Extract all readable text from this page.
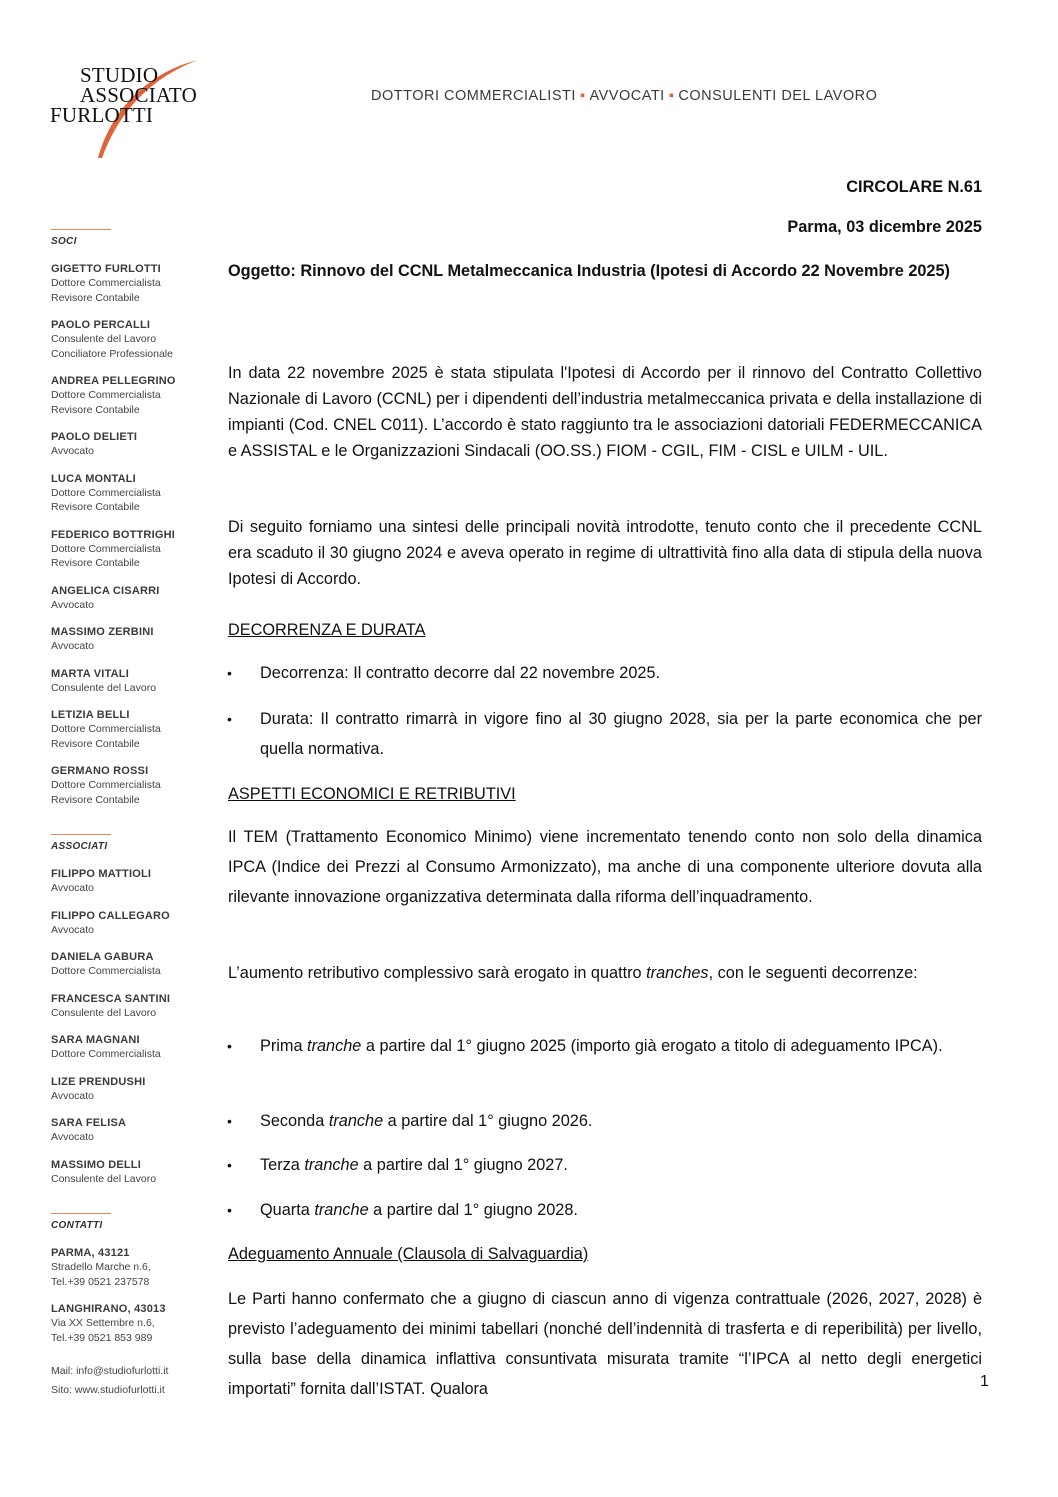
STUDIO
ASSOCIATO
FURLOTTI
DOTTORI COMMERCIALISTI ▪ AVVOCATI ▪ CONSULENTI DEL LAVORO
SOCI
GIGETTO FURLOTTI
Dottore Commercialista
Revisore Contabile
PAOLO PERCALLI
Consulente del Lavoro
Conciliatore Professionale
ANDREA PELLEGRINO
Dottore Commercialista
Revisore Contabile
PAOLO DELIETI
Avvocato
LUCA MONTALI
Dottore Commercialista
Revisore Contabile
FEDERICO BOTTRIGHI
Dottore Commercialista
Revisore Contabile
ANGELICA CISARRI
Avvocato
MASSIMO ZERBINI
Avvocato
MARTA VITALI
Consulente del Lavoro
LETIZIA BELLI
Dottore Commercialista
Revisore Contabile
GERMANO ROSSI
Dottore Commercialista
Revisore Contabile
ASSOCIATI
FILIPPO MATTIOLI
Avvocato
FILIPPO CALLEGARO
Avvocato
DANIELA GABURA
Dottore Commercialista
FRANCESCA SANTINI
Consulente del Lavoro
SARA MAGNANI
Dottore Commercialista
LIZE PRENDUSHI
Avvocato
SARA FELISA
Avvocato
MASSIMO DELLI
Consulente del Lavoro
CONTATTI
PARMA, 43121
Stradello Marche n.6,
Tel.+39 0521 237578
LANGHIRANO, 43013
Via XX Settembre n.6,
Tel.+39 0521 853 989
Mail: info@studiofurlotti.it
Sito: www.studiofurlotti.it
CIRCOLARE N.61
Parma, 03 dicembre 2025
Oggetto: Rinnovo del CCNL Metalmeccanica Industria (Ipotesi di Accordo 22 Novembre 2025)
In data 22 novembre 2025 è stata stipulata l'Ipotesi di Accordo per il rinnovo del Contratto Collettivo Nazionale di Lavoro (CCNL) per i dipendenti dell’industria metalmeccanica privata e della installazione di impianti (Cod. CNEL C011). L’accordo è stato raggiunto tra le associazioni datoriali FEDERMECCANICA e ASSISTAL e le Organizzazioni Sindacali (OO.SS.) FIOM - CGIL, FIM - CISL e UILM - UIL.
Di seguito forniamo una sintesi delle principali novità introdotte, tenuto conto che il precedente CCNL era scaduto il 30 giugno 2024 e aveva operato in regime di ultrattività fino alla data di stipula della nuova Ipotesi di Accordo.
DECORRENZA E DURATA
• Decorrenza: Il contratto decorre dal 22 novembre 2025.
• Durata: Il contratto rimarrà in vigore fino al 30 giugno 2028, sia per la parte economica che per quella normativa.
ASPETTI ECONOMICI E RETRIBUTIVI
Il TEM (Trattamento Economico Minimo) viene incrementato tenendo conto non solo della dinamica IPCA (Indice dei Prezzi al Consumo Armonizzato), ma anche di una componente ulteriore dovuta alla rilevante innovazione organizzativa determinata dalla riforma dell’inquadramento.
L’aumento retributivo complessivo sarà erogato in quattro tranches, con le seguenti decorrenze:
• Prima tranche a partire dal 1° giugno 2025 (importo già erogato a titolo di adeguamento IPCA).
• Seconda tranche a partire dal 1° giugno 2026.
• Terza tranche a partire dal 1° giugno 2027.
• Quarta tranche a partire dal 1° giugno 2028.
Adeguamento Annuale (Clausola di Salvaguardia)
Le Parti hanno confermato che a giugno di ciascun anno di vigenza contrattuale (2026, 2027, 2028) è previsto l’adeguamento dei minimi tabellari (nonché dell’indennità di trasferta e di reperibilità) per livello, sulla base della dinamica inflattiva consuntivata misurata tramite “l’IPCA al netto degli energetici importati” fornita dall’ISTAT. Qualora	1
